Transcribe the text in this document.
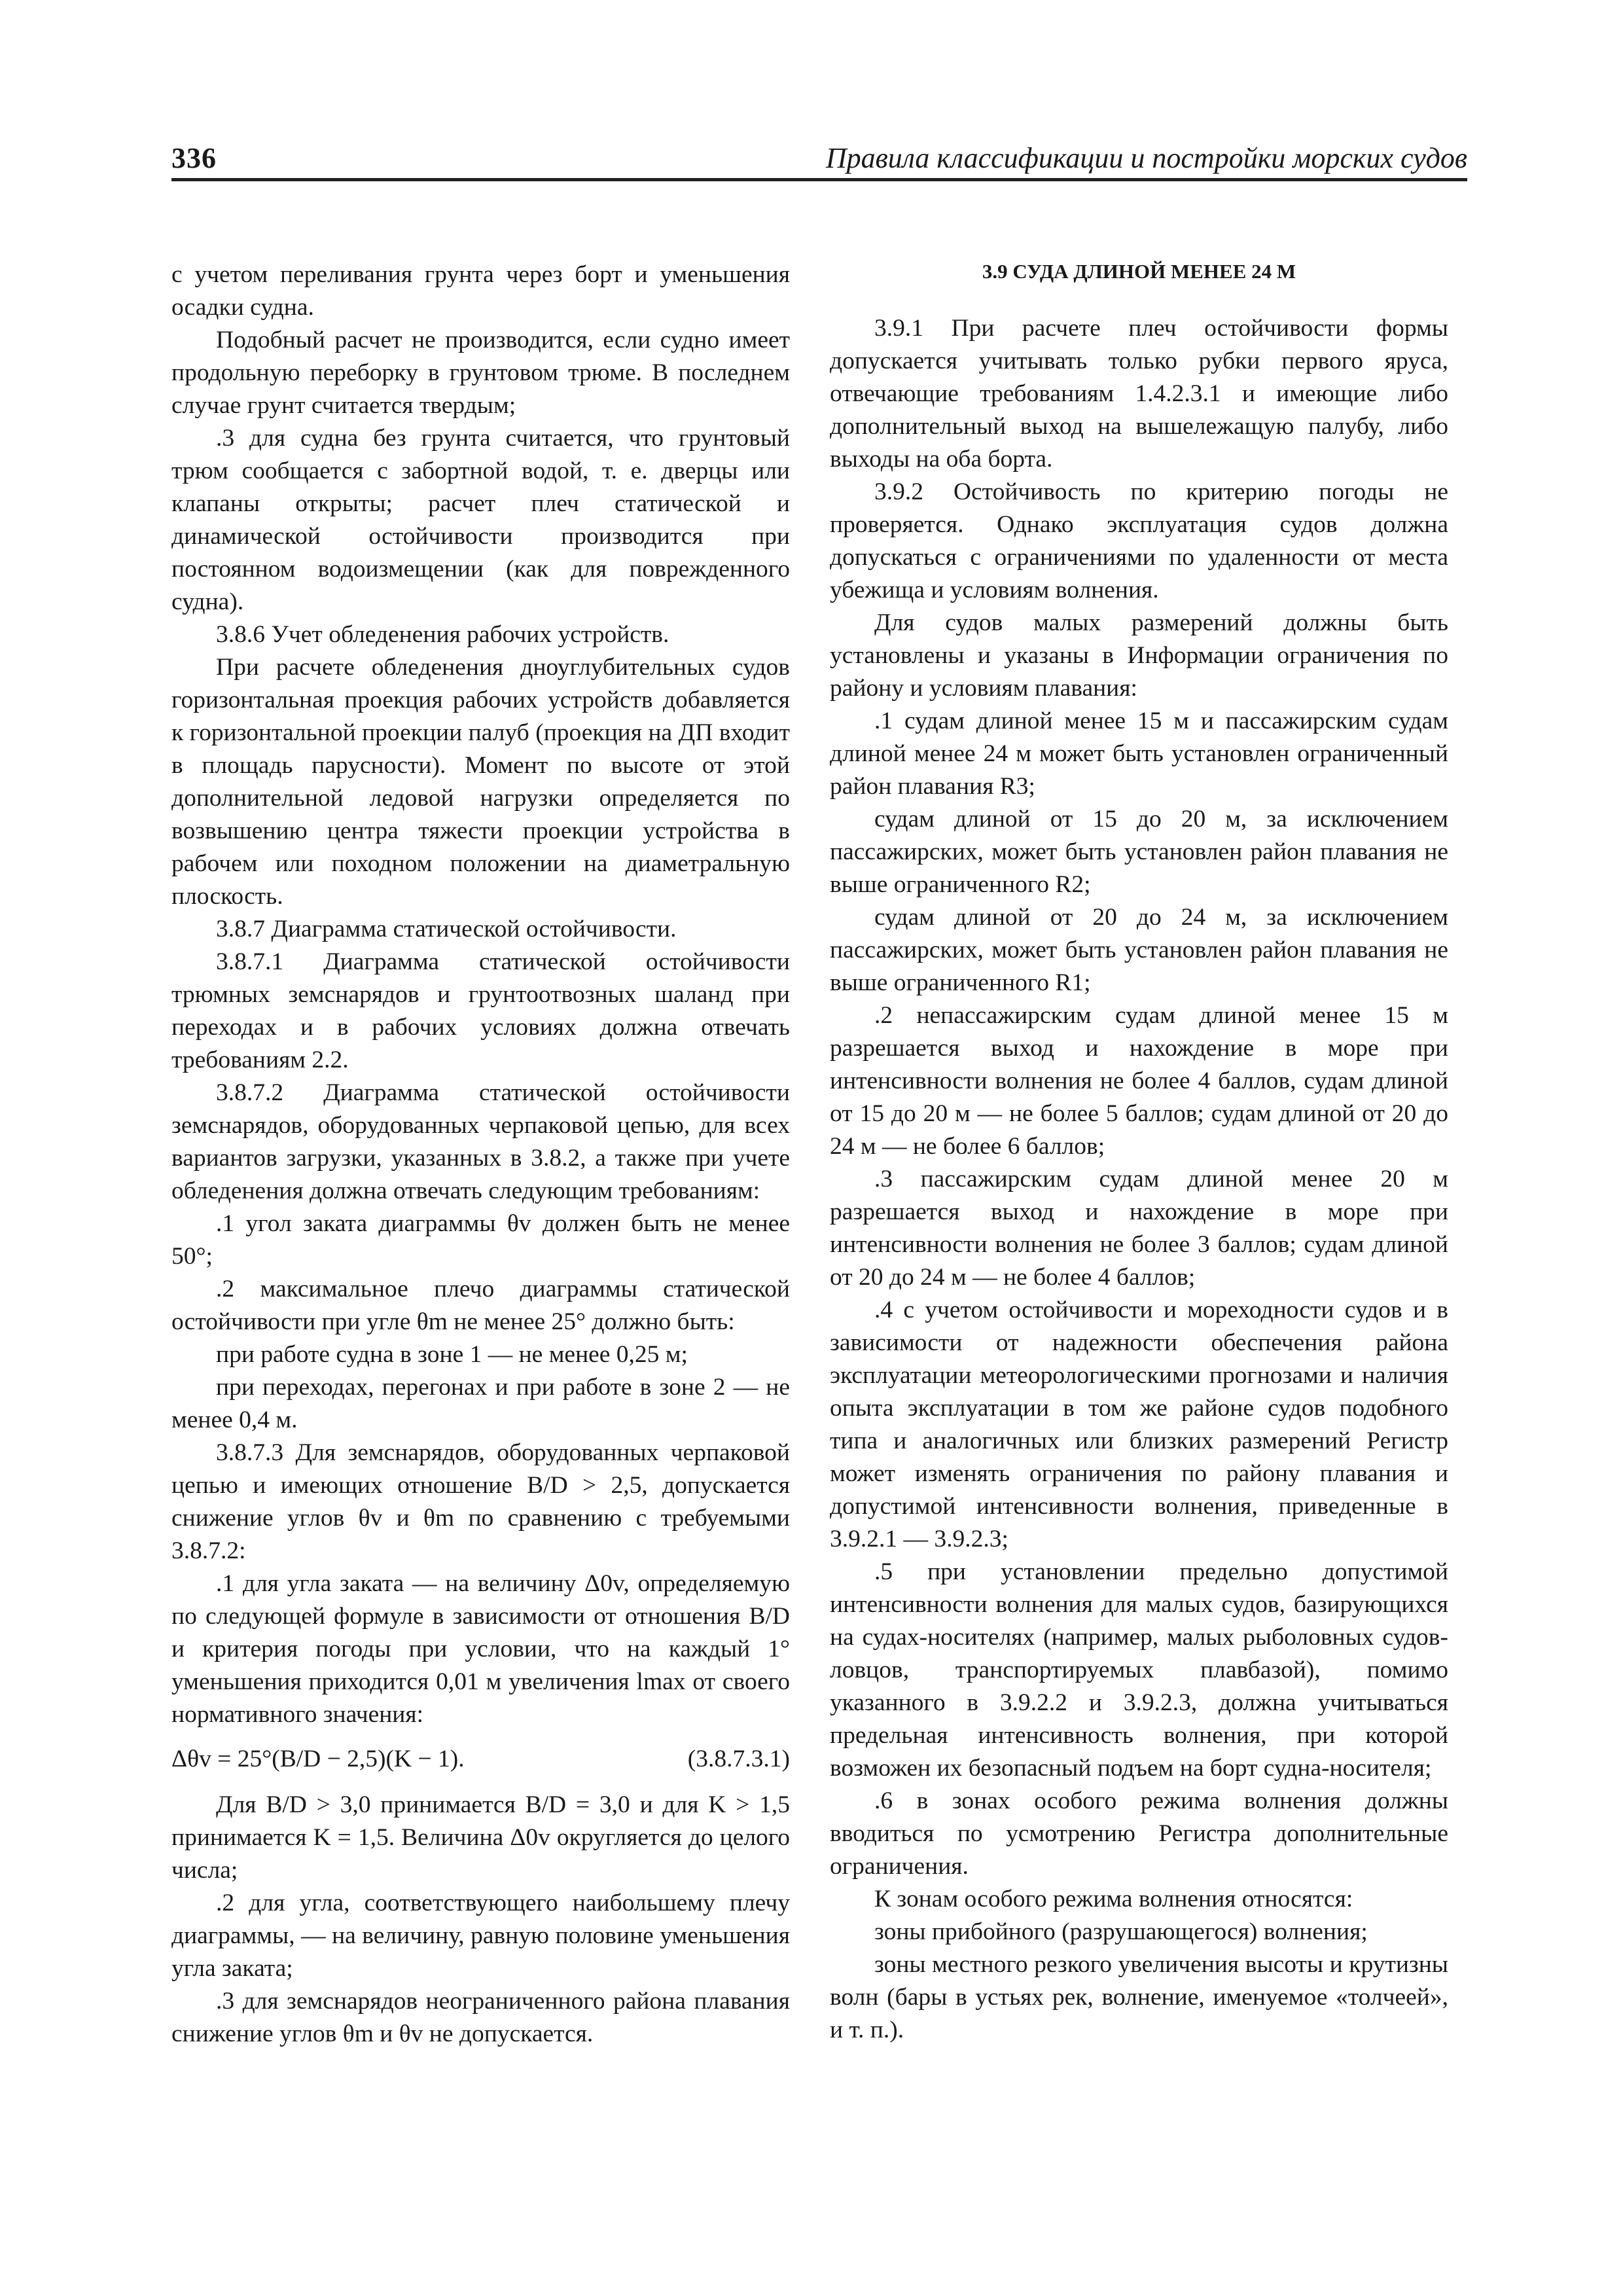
336	Правила классификации и постройки морских судов

с учетом переливания грунта через борт и уменьшения осадки судна.

Подобный расчет не производится, если судно имеет продольную переборку в грунтовом трюме. В последнем случае грунт считается твердым;

.3 для судна без грунта считается, что грунтовый трюм сообщается с забортной водой, т. е. дверцы или клапаны открыты; расчет плеч статической и динамической остойчивости производится при постоянном водоизмещении (как для поврежденного судна).

3.8.6 Учет обледенения рабочих устройств.

При расчете обледенения дноуглубительных судов горизонтальная проекция рабочих устройств добавляется к горизонтальной проекции палуб (проекция на ДП входит в площадь парусности). Момент по высоте от этой дополнительной ледовой нагрузки определяется по возвышению центра тяжести проекции устройства в рабочем или походном положении на диаметральную плоскость.

3.8.7 Диаграмма статической остойчивости.

3.8.7.1 Диаграмма статической остойчивости трюмных земснарядов и грунтоотвозных шаланд при переходах и в рабочих условиях должна отвечать требованиям 2.2.

3.8.7.2 Диаграмма статической остойчивости земснарядов, оборудованных черпаковой цепью, для всех вариантов загрузки, указанных в 3.8.2, а также при учете обледенения должна отвечать следующим требованиям:

.1 угол заката диаграммы θv должен быть не менее 50°;

.2 максимальное плечо диаграммы статической остойчивости при угле θm не менее 25° должно быть:

при работе судна в зоне 1 — не менее 0,25 м;

при переходах, перегонах и при работе в зоне 2 — не менее 0,4 м.

3.8.7.3 Для земснарядов, оборудованных черпаковой цепью и имеющих отношение B/D > 2,5, допускается снижение углов θv и θm по сравнению с требуемыми 3.8.7.2:

.1 для угла заката — на величину Δ0v, определяемую по следующей формуле в зависимости от отношения B/D и критерия погоды при условии, что на каждый 1° уменьшения приходится 0,01 м увеличения lmax от своего нормативного значения:

Δθv = 25°(B/D − 2,5)(K − 1).	(3.8.7.3.1)

Для B/D > 3,0 принимается B/D = 3,0 и для K > 1,5 принимается K = 1,5. Величина Δ0v округляется до целого числа;

.2 для угла, соответствующего наибольшему плечу диаграммы, — на величину, равную половине уменьшения угла заката;

.3 для земснарядов неограниченного района плавания снижение углов θm и θv не допускается.

3.9 СУДА ДЛИНОЙ МЕНЕЕ 24 М

3.9.1 При расчете плеч остойчивости формы допускается учитывать только рубки первого яруса, отвечающие требованиям 1.4.2.3.1 и имеющие либо дополнительный выход на вышележащую палубу, либо выходы на оба борта.

3.9.2 Остойчивость по критерию погоды не проверяется. Однако эксплуатация судов должна допускаться с ограничениями по удаленности от места убежища и условиям волнения.

Для судов малых размерений должны быть установлены и указаны в Информации ограничения по району и условиям плавания:

.1 судам длиной менее 15 м и пассажирским судам длиной менее 24 м может быть установлен ограниченный район плавания R3;

судам длиной от 15 до 20 м, за исключением пассажирских, может быть установлен район плавания не выше ограниченного R2;

судам длиной от 20 до 24 м, за исключением пассажирских, может быть установлен район плавания не выше ограниченного R1;

.2 непассажирским судам длиной менее 15 м разрешается выход и нахождение в море при интенсивности волнения не более 4 баллов, судам длиной от 15 до 20 м — не более 5 баллов; судам длиной от 20 до 24 м — не более 6 баллов;

.3 пассажирским судам длиной менее 20 м разрешается выход и нахождение в море при интенсивности волнения не более 3 баллов; судам длиной от 20 до 24 м — не более 4 баллов;

.4 с учетом остойчивости и мореходности судов и в зависимости от надежности обеспечения района эксплуатации метеорологическими прогнозами и наличия опыта эксплуатации в том же районе судов подобного типа и аналогичных или близких размерений Регистр может изменять ограничения по району плавания и допустимой интенсивности волнения, приведенные в 3.9.2.1 — 3.9.2.3;

.5 при установлении предельно допустимой интенсивности волнения для малых судов, базирующихся на судах-носителях (например, малых рыболовных судов-ловцов, транспортируемых плавбазой), помимо указанного в 3.9.2.2 и 3.9.2.3, должна учитываться предельная интенсивность волнения, при которой возможен их безопасный подъем на борт судна-носителя;

.6 в зонах особого режима волнения должны вводиться по усмотрению Регистра дополнительные ограничения.

К зонам особого режима волнения относятся:

зоны прибойного (разрушающегося) волнения;

зоны местного резкого увеличения высоты и крутизны волн (бары в устьях рек, волнение, именуемое «толчеей», и т. п.).
